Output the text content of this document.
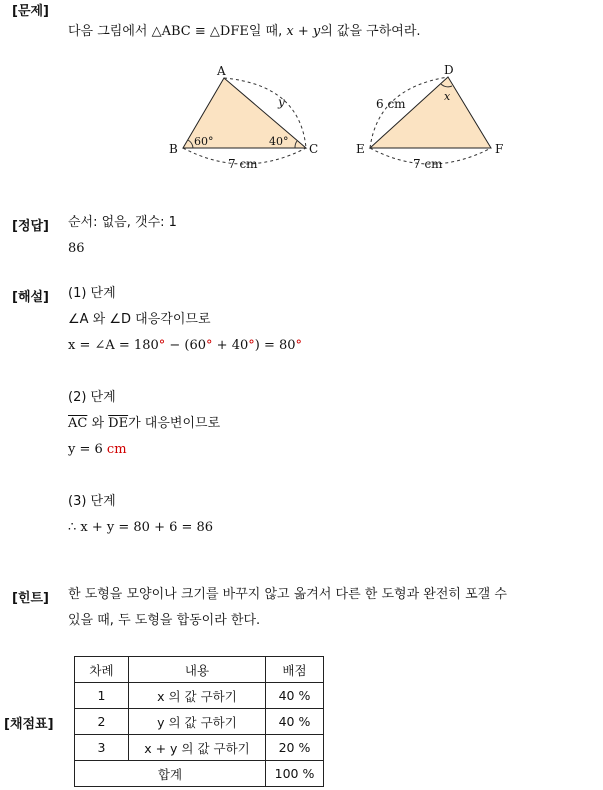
[문제]
다음 그림에서 △ABC ≡ △DFE일 때, x + y의 값을 구하여라.
A
B	C
60°	40°
y
7 cm
D
E	F
x
6 cm
7 cm
[정답] 순서: 없음, 갯수: 1
86
[해설] (1) 단계
∠A 와 ∠D 대응각이므로
x = ∠A = 180° − (60° + 40°) = 80°
(2) 단계
$\overline{AC}$ 와 $\overline{DE}$가 대응변이므로
y = 6 cm
(3) 단계
∴ x + y = 80 + 6 = 86
[힌트] 한 도형을 모양이나 크기를 바꾸지 않고 옮겨서 다른 한 도형과 완전히 포갤 수
있을 때, 두 도형을 합동이라 한다.
[채점표]
차례	내용	배점
1	x 의 값 구하기	40 %
2	y 의 값 구하기	40 %
3	x + y 의 값 구하기	20 %
합계		100 %
